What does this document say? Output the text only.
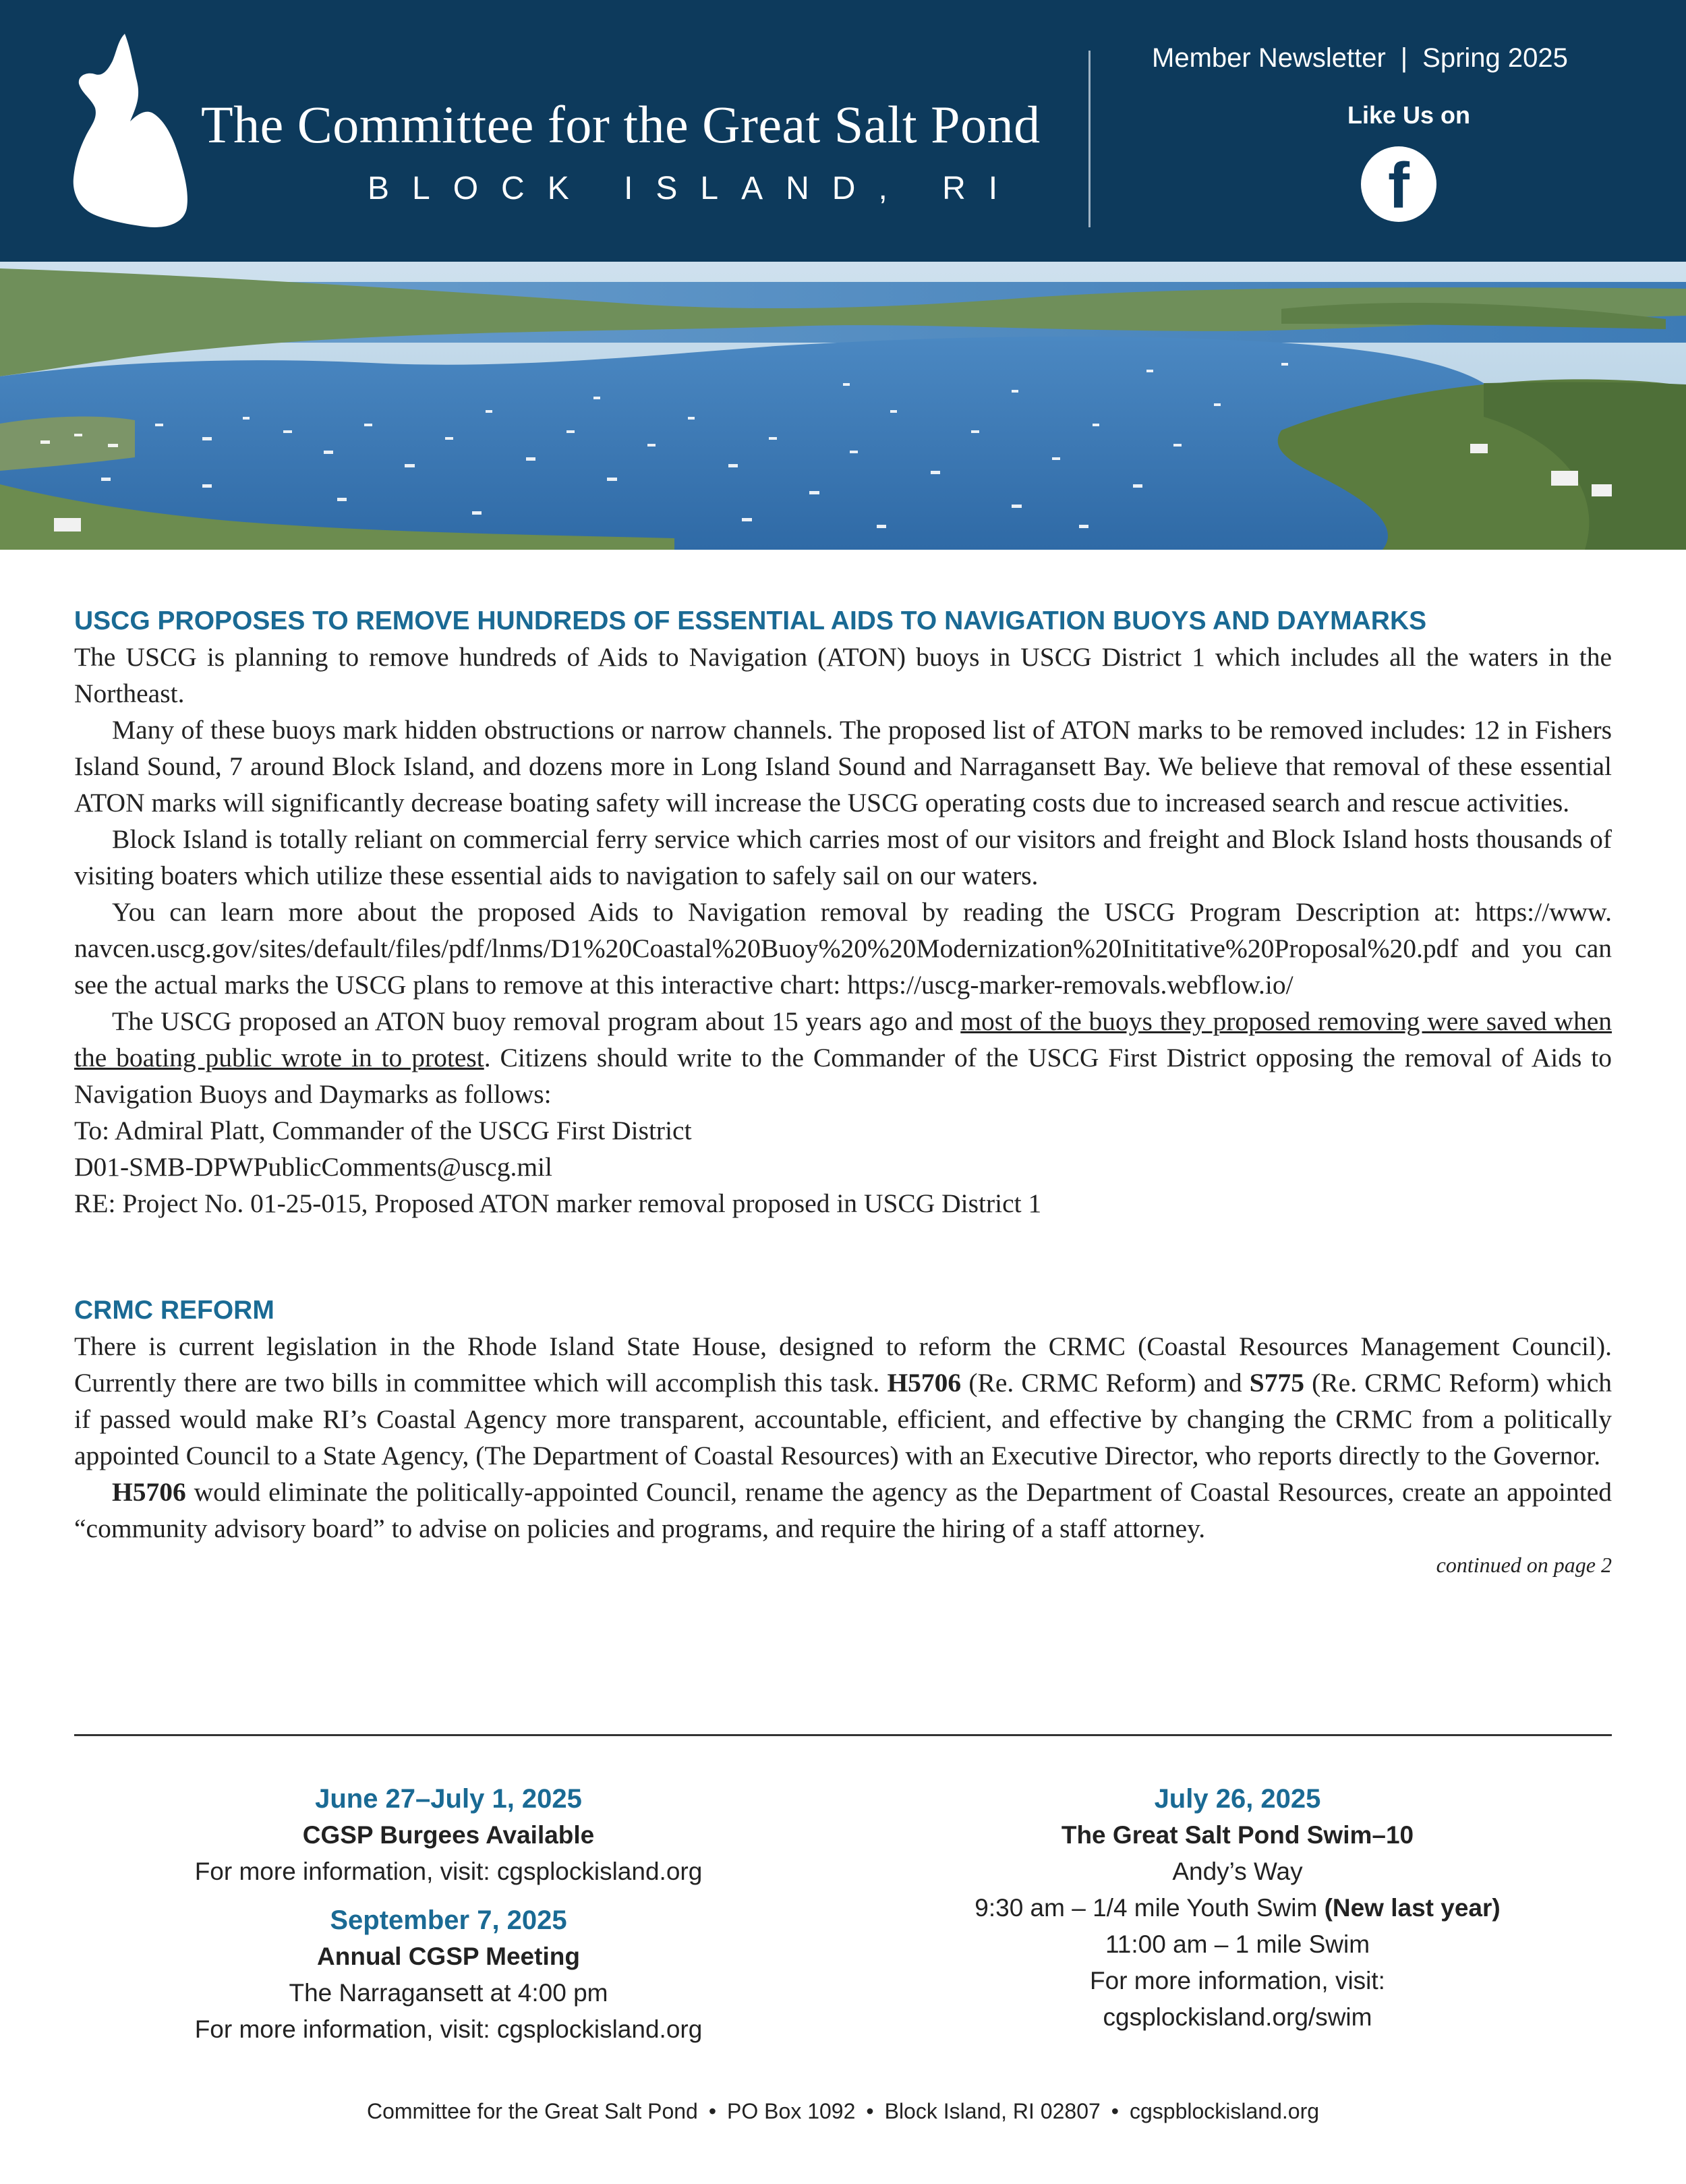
The Committee for the Great Salt Pond
BLOCK ISLAND, RI
Member Newsletter | Spring 2025
Like Us on
f
USCG PROPOSES TO REMOVE HUNDREDS OF ESSENTIAL AIDS TO NAVIGATION BUOYS AND DAYMARKS

The USCG is planning to remove hundreds of Aids to Navigation (ATON) buoys in USCG District 1 which includes all the waters in the Northeast.

Many of these buoys mark hidden obstructions or narrow channels. The proposed list of ATON marks to be removed includes: 12 in Fishers Island Sound, 7 around Block Island, and dozens more in Long Island Sound and Narragansett Bay. We believe that removal of these essential ATON marks will significantly decrease boating safety will increase the USCG operating costs due to increased search and rescue activities.

Block Island is totally reliant on commercial ferry service which carries most of our visitors and freight and Block Island hosts thousands of visiting boaters which utilize these essential aids to navigation to safely sail on our waters.

You can learn more about the proposed Aids to Navigation removal by reading the USCG Program Description at: https://www. navcen.uscg.gov/sites/default/files/pdf/lnms/D1%20Coastal%20Buoy%20%20Modernization%20Inititative%20Proposal%20.pdf and you can see the actual marks the USCG plans to remove at this interactive chart: https://uscg-marker-removals.webflow.io/

The USCG proposed an ATON buoy removal program about 15 years ago and most of the buoys they proposed removing were saved when the boating public wrote in to protest. Citizens should write to the Commander of the USCG First District opposing the removal of Aids to Navigation Buoys and Daymarks as follows:

To: Admiral Platt, Commander of the USCG First District

D01-SMB-DPWPublicComments@uscg.mil

RE: Project No. 01-25-015, Proposed ATON marker removal proposed in USCG District 1

CRMC REFORM

There is current legislation in the Rhode Island State House, designed to reform the CRMC (Coastal Resources Management Council). Currently there are two bills in committee which will accomplish this task. H5706 (Re. CRMC Reform) and S775 (Re. CRMC Reform) which if passed would make RI’s Coastal Agency more transparent, accountable, efficient, and effective by changing the CRMC from a politically appointed Council to a State Agency, (The Department of Coastal Resources) with an Executive Director, who reports directly to the Governor.

H5706 would eliminate the politically-appointed Council, rename the agency as the Department of Coastal Resources, create an appointed “community advisory board” to advise on policies and programs, and require the hiring of a staff attorney.

continued on page 2
June 27–July 1, 2025
CGSP Burgees Available
For more information, visit: cgsplockisland.org
September 7, 2025
Annual CGSP Meeting
The Narragansett at 4:00 pm
For more information, visit: cgsplockisland.org
July 26, 2025
The Great Salt Pond Swim–10
Andy’s Way
9:30 am – 1/4 mile Youth Swim (New last year)
11:00 am – 1 mile Swim
For more information, visit:
cgsplockisland.org/swim
Committee for the Great Salt Pond • PO Box 1092 • Block Island, RI 02807 • cgspblockisland.org
